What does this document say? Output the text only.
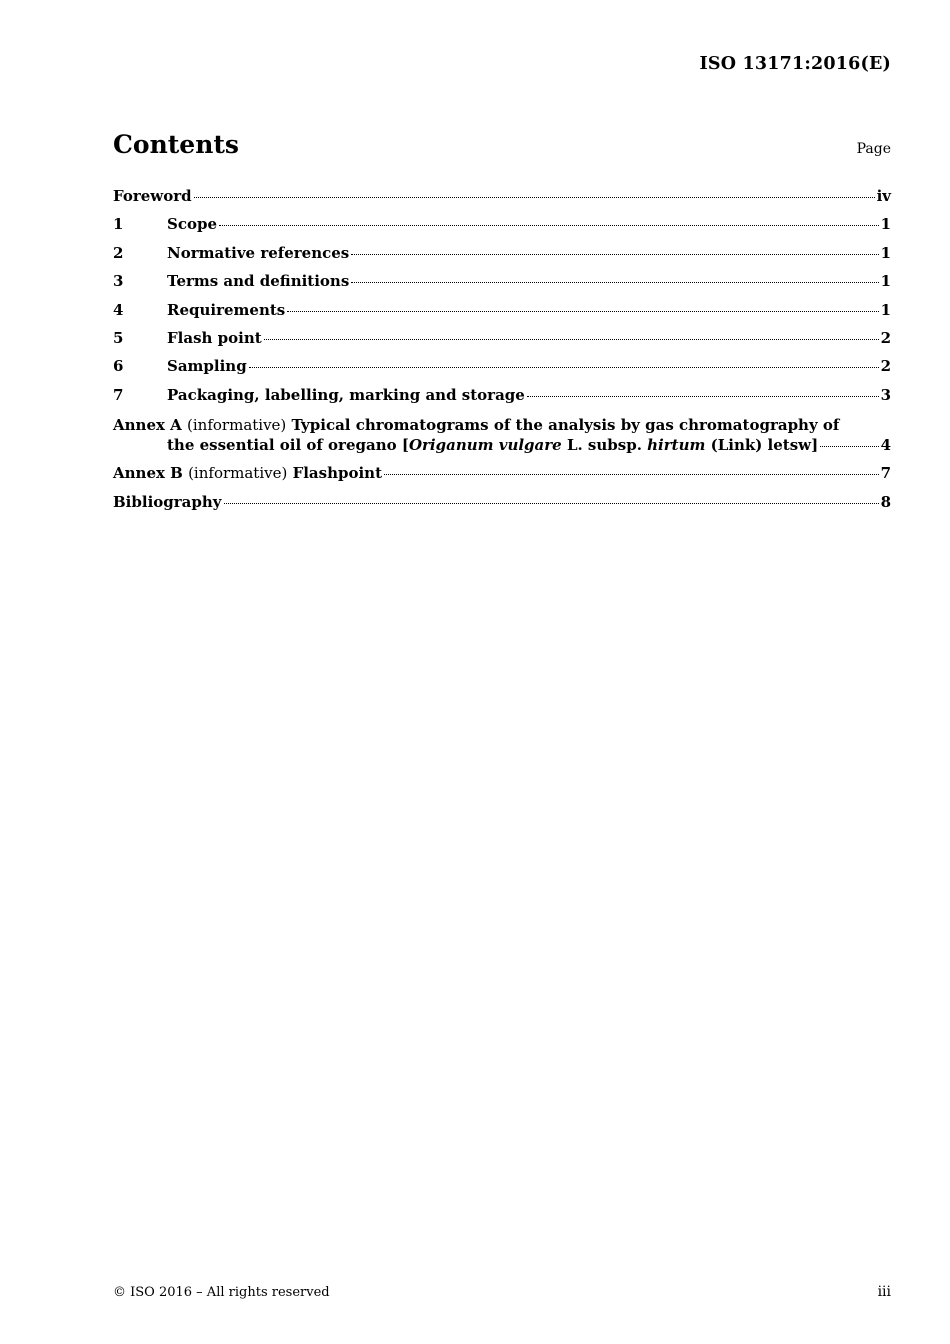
ISO 13171:2016(E)
Contents	Page
Foreword	iv
1	Scope	1
2	Normative references	1
3	Terms and definitions	1
4	Requirements	1
5	Flash point	2
6	Sampling	2
7	Packaging, labelling, marking and storage	3
Annex A (informative) Typical chromatograms of the analysis by gas chromatography of
the essential oil of oregano [Origanum vulgare L. subsp. hirtum (Link) letsw]	4
Annex B (informative) Flashpoint	7
Bibliography	8
© ISO 2016 – All rights reserved	iii
